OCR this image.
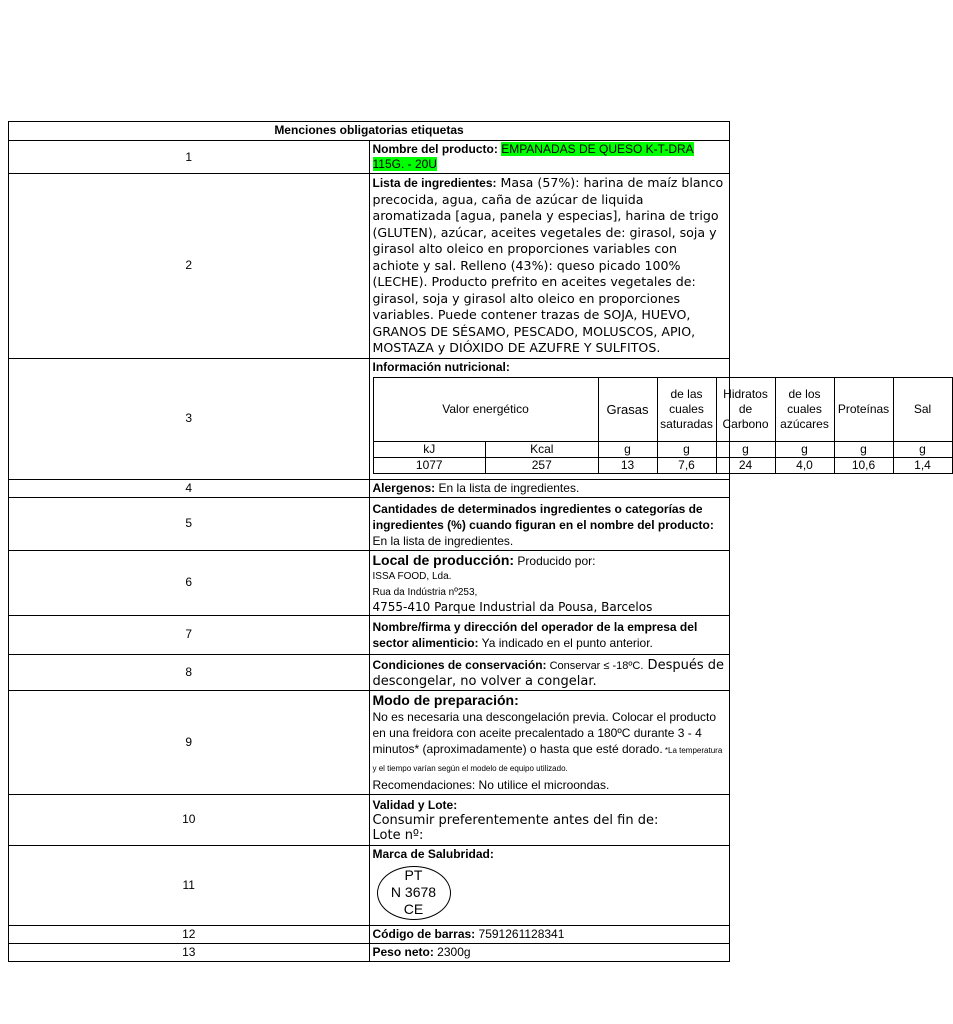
Menciones obligatorias etiquetas
1	Nombre del producto: EMPANADAS DE QUESO K-T-DRA 115G. - 20U
2	Lista de ingredientes: Masa (57%): harina de maíz blanco precocida, agua, caña de azúcar de liquida aromatizada [agua, panela y especias], harina de trigo (GLUTEN), azúcar, aceites vegetales de: girasol, soja y girasol alto oleico en proporciones variables con achiote y sal. Relleno (43%): queso picado 100% (LECHE). Producto prefrito en aceites vegetales de: girasol, soja y girasol alto oleico en proporciones variables. Puede contener trazas de SOJA, HUEVO, GRANOS DE SÉSAMO, PESCADO, MOLUSCOS, APIO, MOSTAZA y DIÓXIDO DE AZUFRE Y SULFITOS.
3	Información nutricional:
Valor energético	Grasas	de las cuales saturadas	Hidratos de Carbono	de los cuales azúcares	Proteínas	Sal
kJ	Kcal	g	g	g	g	g	g
1077	257	13	7,6	24	4,0	10,6	1,4

4	Alergenos: En la lista de ingredientes.
5	Cantidades de determinados ingredientes o categorías de ingredientes (%) cuando figuran en el nombre del producto: En la lista de ingredientes.
6	Local de producción: Producido por:
ISSA FOOD, Lda.
Rua da Indústria nº253,
4755-410 Parque Industrial da Pousa, Barcelos
7	Nombre/firma y dirección del operador de la empresa del sector alimenticio: Ya indicado en el punto anterior.
8	Condiciones de conservación: Conservar ≤ -18ºC. Después de descongelar, no volver a congelar.
9	Modo de preparación:
No es necesaria una descongelación previa. Colocar el producto en una freidora con aceite precalentado a 180ºC durante 3 - 4 minutos* (aproximadamente) o hasta que esté dorado. *La temperatura y el tiempo varían según el modelo de equipo utilizado.
Recomendaciones: No utilice el microondas.
10	Validad y Lote:
Consumir preferentemente antes del fin de:
Lote nº:
11	Marca de Salubridad:
PT
N 3678
CE

12	Código de barras: 7591261128341
13	Peso neto: 2300g
